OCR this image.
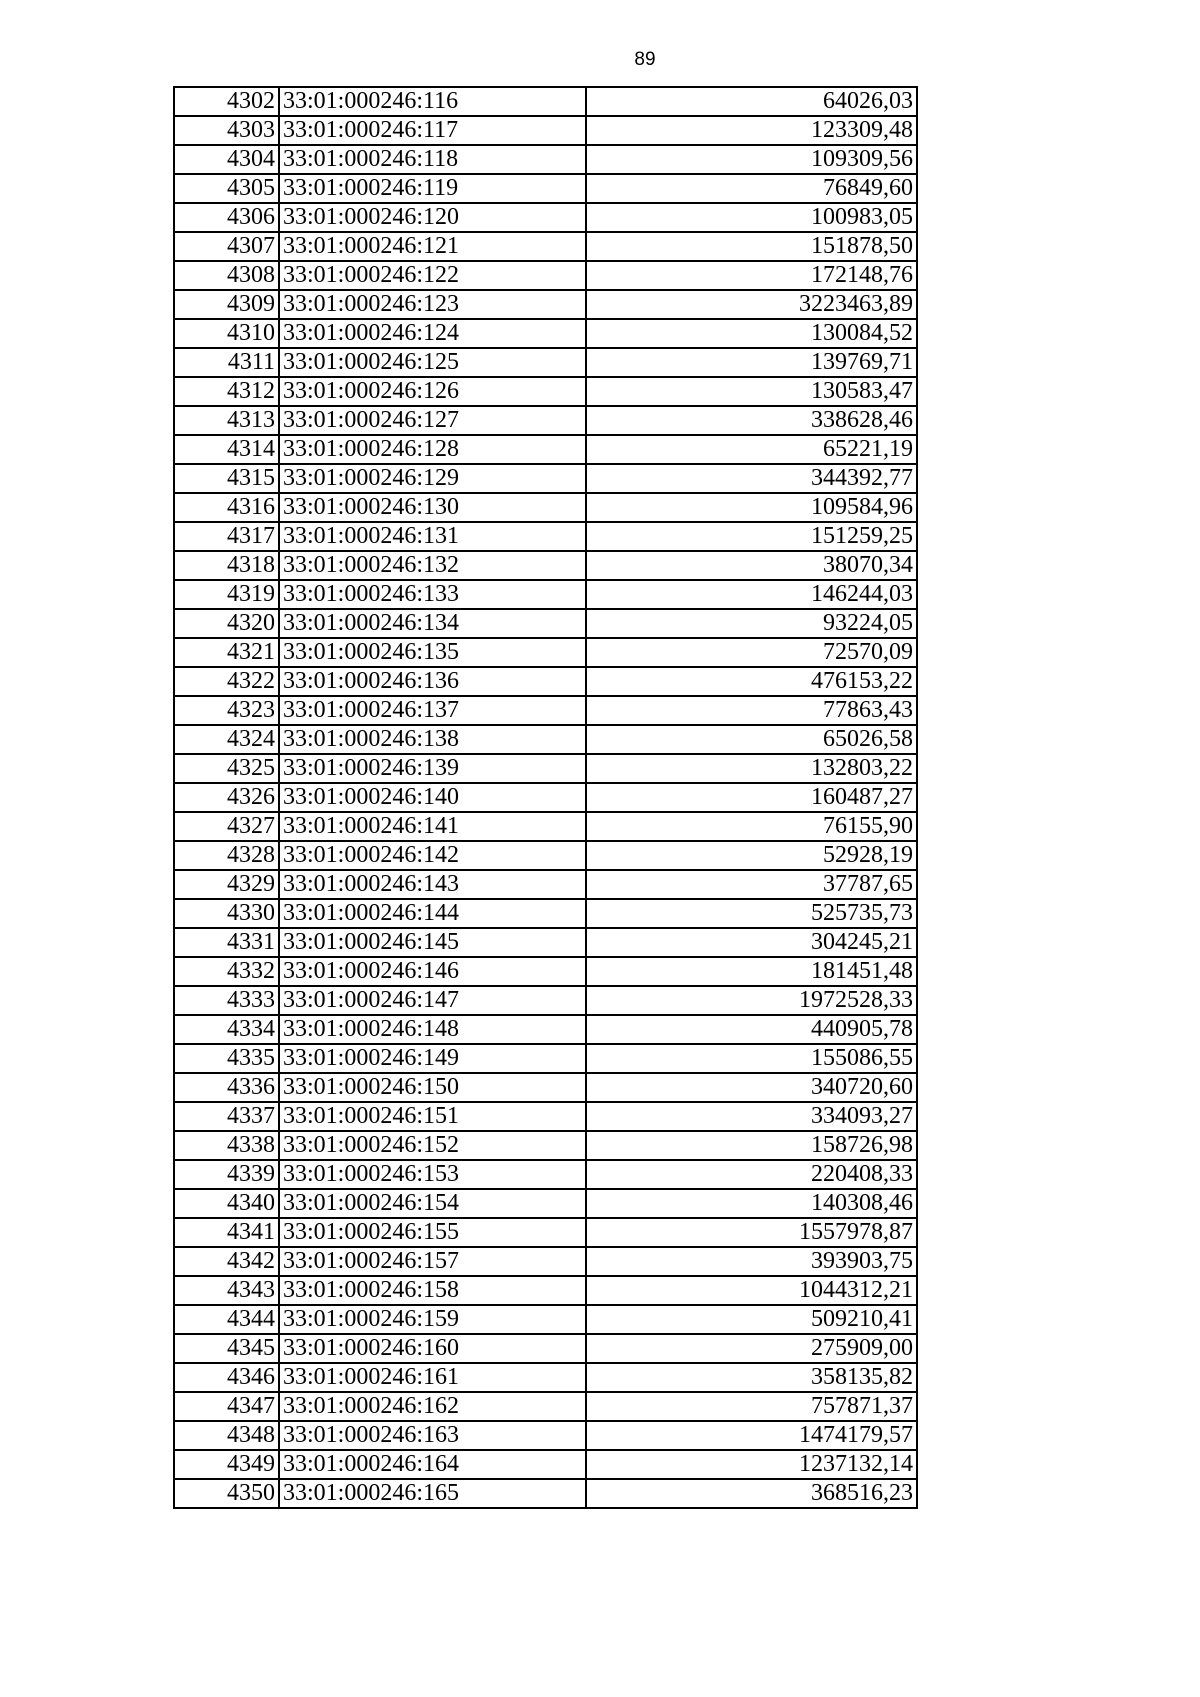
89
4302	33:01:000246:116	64026,03
4303	33:01:000246:117	123309,48
4304	33:01:000246:118	109309,56
4305	33:01:000246:119	76849,60
4306	33:01:000246:120	100983,05
4307	33:01:000246:121	151878,50
4308	33:01:000246:122	172148,76
4309	33:01:000246:123	3223463,89
4310	33:01:000246:124	130084,52
4311	33:01:000246:125	139769,71
4312	33:01:000246:126	130583,47
4313	33:01:000246:127	338628,46
4314	33:01:000246:128	65221,19
4315	33:01:000246:129	344392,77
4316	33:01:000246:130	109584,96
4317	33:01:000246:131	151259,25
4318	33:01:000246:132	38070,34
4319	33:01:000246:133	146244,03
4320	33:01:000246:134	93224,05
4321	33:01:000246:135	72570,09
4322	33:01:000246:136	476153,22
4323	33:01:000246:137	77863,43
4324	33:01:000246:138	65026,58
4325	33:01:000246:139	132803,22
4326	33:01:000246:140	160487,27
4327	33:01:000246:141	76155,90
4328	33:01:000246:142	52928,19
4329	33:01:000246:143	37787,65
4330	33:01:000246:144	525735,73
4331	33:01:000246:145	304245,21
4332	33:01:000246:146	181451,48
4333	33:01:000246:147	1972528,33
4334	33:01:000246:148	440905,78
4335	33:01:000246:149	155086,55
4336	33:01:000246:150	340720,60
4337	33:01:000246:151	334093,27
4338	33:01:000246:152	158726,98
4339	33:01:000246:153	220408,33
4340	33:01:000246:154	140308,46
4341	33:01:000246:155	1557978,87
4342	33:01:000246:157	393903,75
4343	33:01:000246:158	1044312,21
4344	33:01:000246:159	509210,41
4345	33:01:000246:160	275909,00
4346	33:01:000246:161	358135,82
4347	33:01:000246:162	757871,37
4348	33:01:000246:163	1474179,57
4349	33:01:000246:164	1237132,14
4350	33:01:000246:165	368516,23
